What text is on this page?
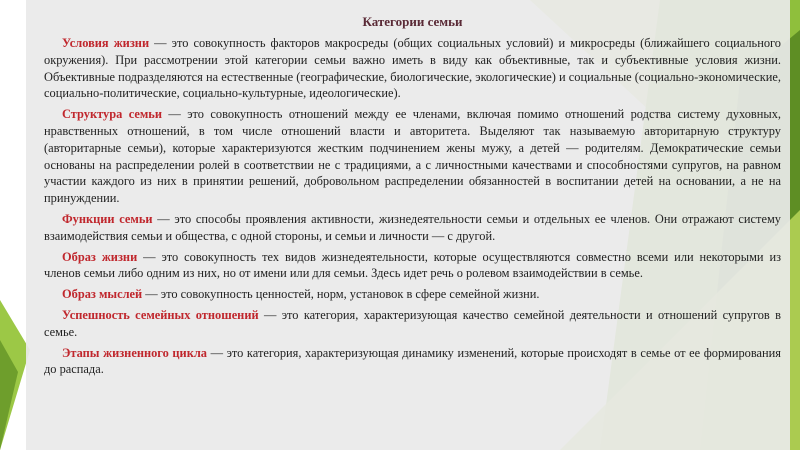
Категории семьи

Условия жизни — это совокупность факторов макросреды (общих социальных условий) и микросреды (ближайшего социального окружения). При рассмотрении этой категории семьи важно иметь в виду как объективные, так и субъективные условия жизни. Объективные подразделяются на естественные (географические, биологические, экологические) и социальные (социально-экономические, социально-политические, социально-культурные, идеологические).

Структура семьи — это совокупность отношений между ее членами, включая помимо отношений родства систему духовных, нравственных отношений, в том числе отношений власти и авторитета. Выделяют так называемую авторитарную структуру (авторитарные семьи), которые характеризуются жестким подчинением жены мужу, а детей — родителям. Демократические семьи основаны на распределении ролей в соответствии не с традициями, а с личностными качествами и способностями супругов, на равном участии каждого из них в принятии решений, добровольном распределении обязанностей в воспитании детей на основании, а не на принуждении.

Функции семьи — это способы проявления активности, жизнедеятельности семьи и отдельных ее членов. Они отражают систему взаимодействия семьи и общества, с одной стороны, и семьи и личности — с другой.

Образ жизни — это совокупность тех видов жизнедеятельности, которые осуществляются совместно всеми или некоторыми из членов семьи либо одним из них, но от имени или для семьи. Здесь идет речь о ролевом взаимодействии в семье.

Образ мыслей — это совокупность ценностей, норм, установок в сфере семейной жизни.

Успешность семейных отношений — это категория, характеризующая качество семейной деятельности и отношений супругов в семье.

Этапы жизненного цикла — это категория, характеризующая динамику изменений, которые происходят в семье от ее формирования до распада.
